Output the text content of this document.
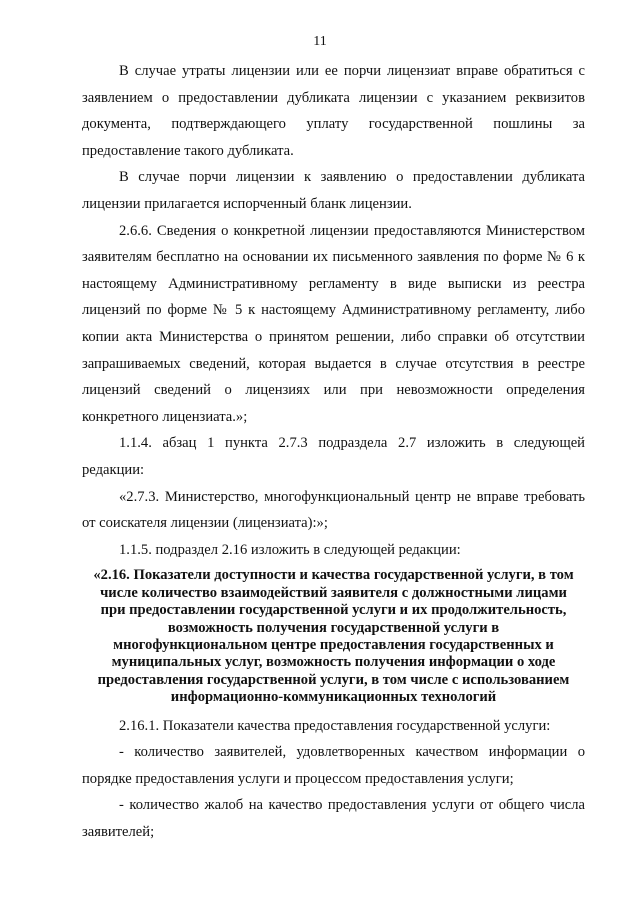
11

В случае утраты лицензии или ее порчи лицензиат вправе обратиться с заявлением о предоставлении дубликата лицензии с указанием реквизитов документа, подтверждающего уплату государственной пошлины за предоставление такого дубликата.

В случае порчи лицензии к заявлению о предоставлении дубликата лицензии прилагается испорченный бланк лицензии.

2.6.6. Сведения о конкретной лицензии предоставляются Министерством заявителям бесплатно на основании их письменного заявления по форме № 6 к настоящему Административному регламенту в виде выписки из реестра лицензий по форме № 5 к настоящему Административному регламенту, либо копии акта Министерства о принятом решении, либо справки об отсутствии запрашиваемых сведений, которая выдается в случае отсутствия в реестре лицензий сведений о лицензиях или при невозможности определения конкретного лицензиата.»;

1.1.4. абзац 1 пункта 2.7.3 подраздела 2.7 изложить в следующей редакции:

«2.7.3. Министерство, многофункциональный центр не вправе требовать от соискателя лицензии (лицензиата):»;

1.1.5. подраздел 2.16 изложить в следующей редакции:

«2.16. Показатели доступности и качества государственной услуги, в том
числе количество взаимодействий заявителя с должностными лицами
при предоставлении государственной услуги и их продолжительность,
возможность получения государственной услуги в
многофункциональном центре предоставления государственных и
муниципальных услуг, возможность получения информации о ходе
предоставления государственной услуги, в том числе с использованием
информационно-коммуникационных технологий

2.16.1. Показатели качества предоставления государственной услуги:

- количество заявителей, удовлетворенных качеством информации о порядке предоставления услуги и процессом предоставления услуги;

- количество жалоб на качество предоставления услуги от общего числа заявителей;
